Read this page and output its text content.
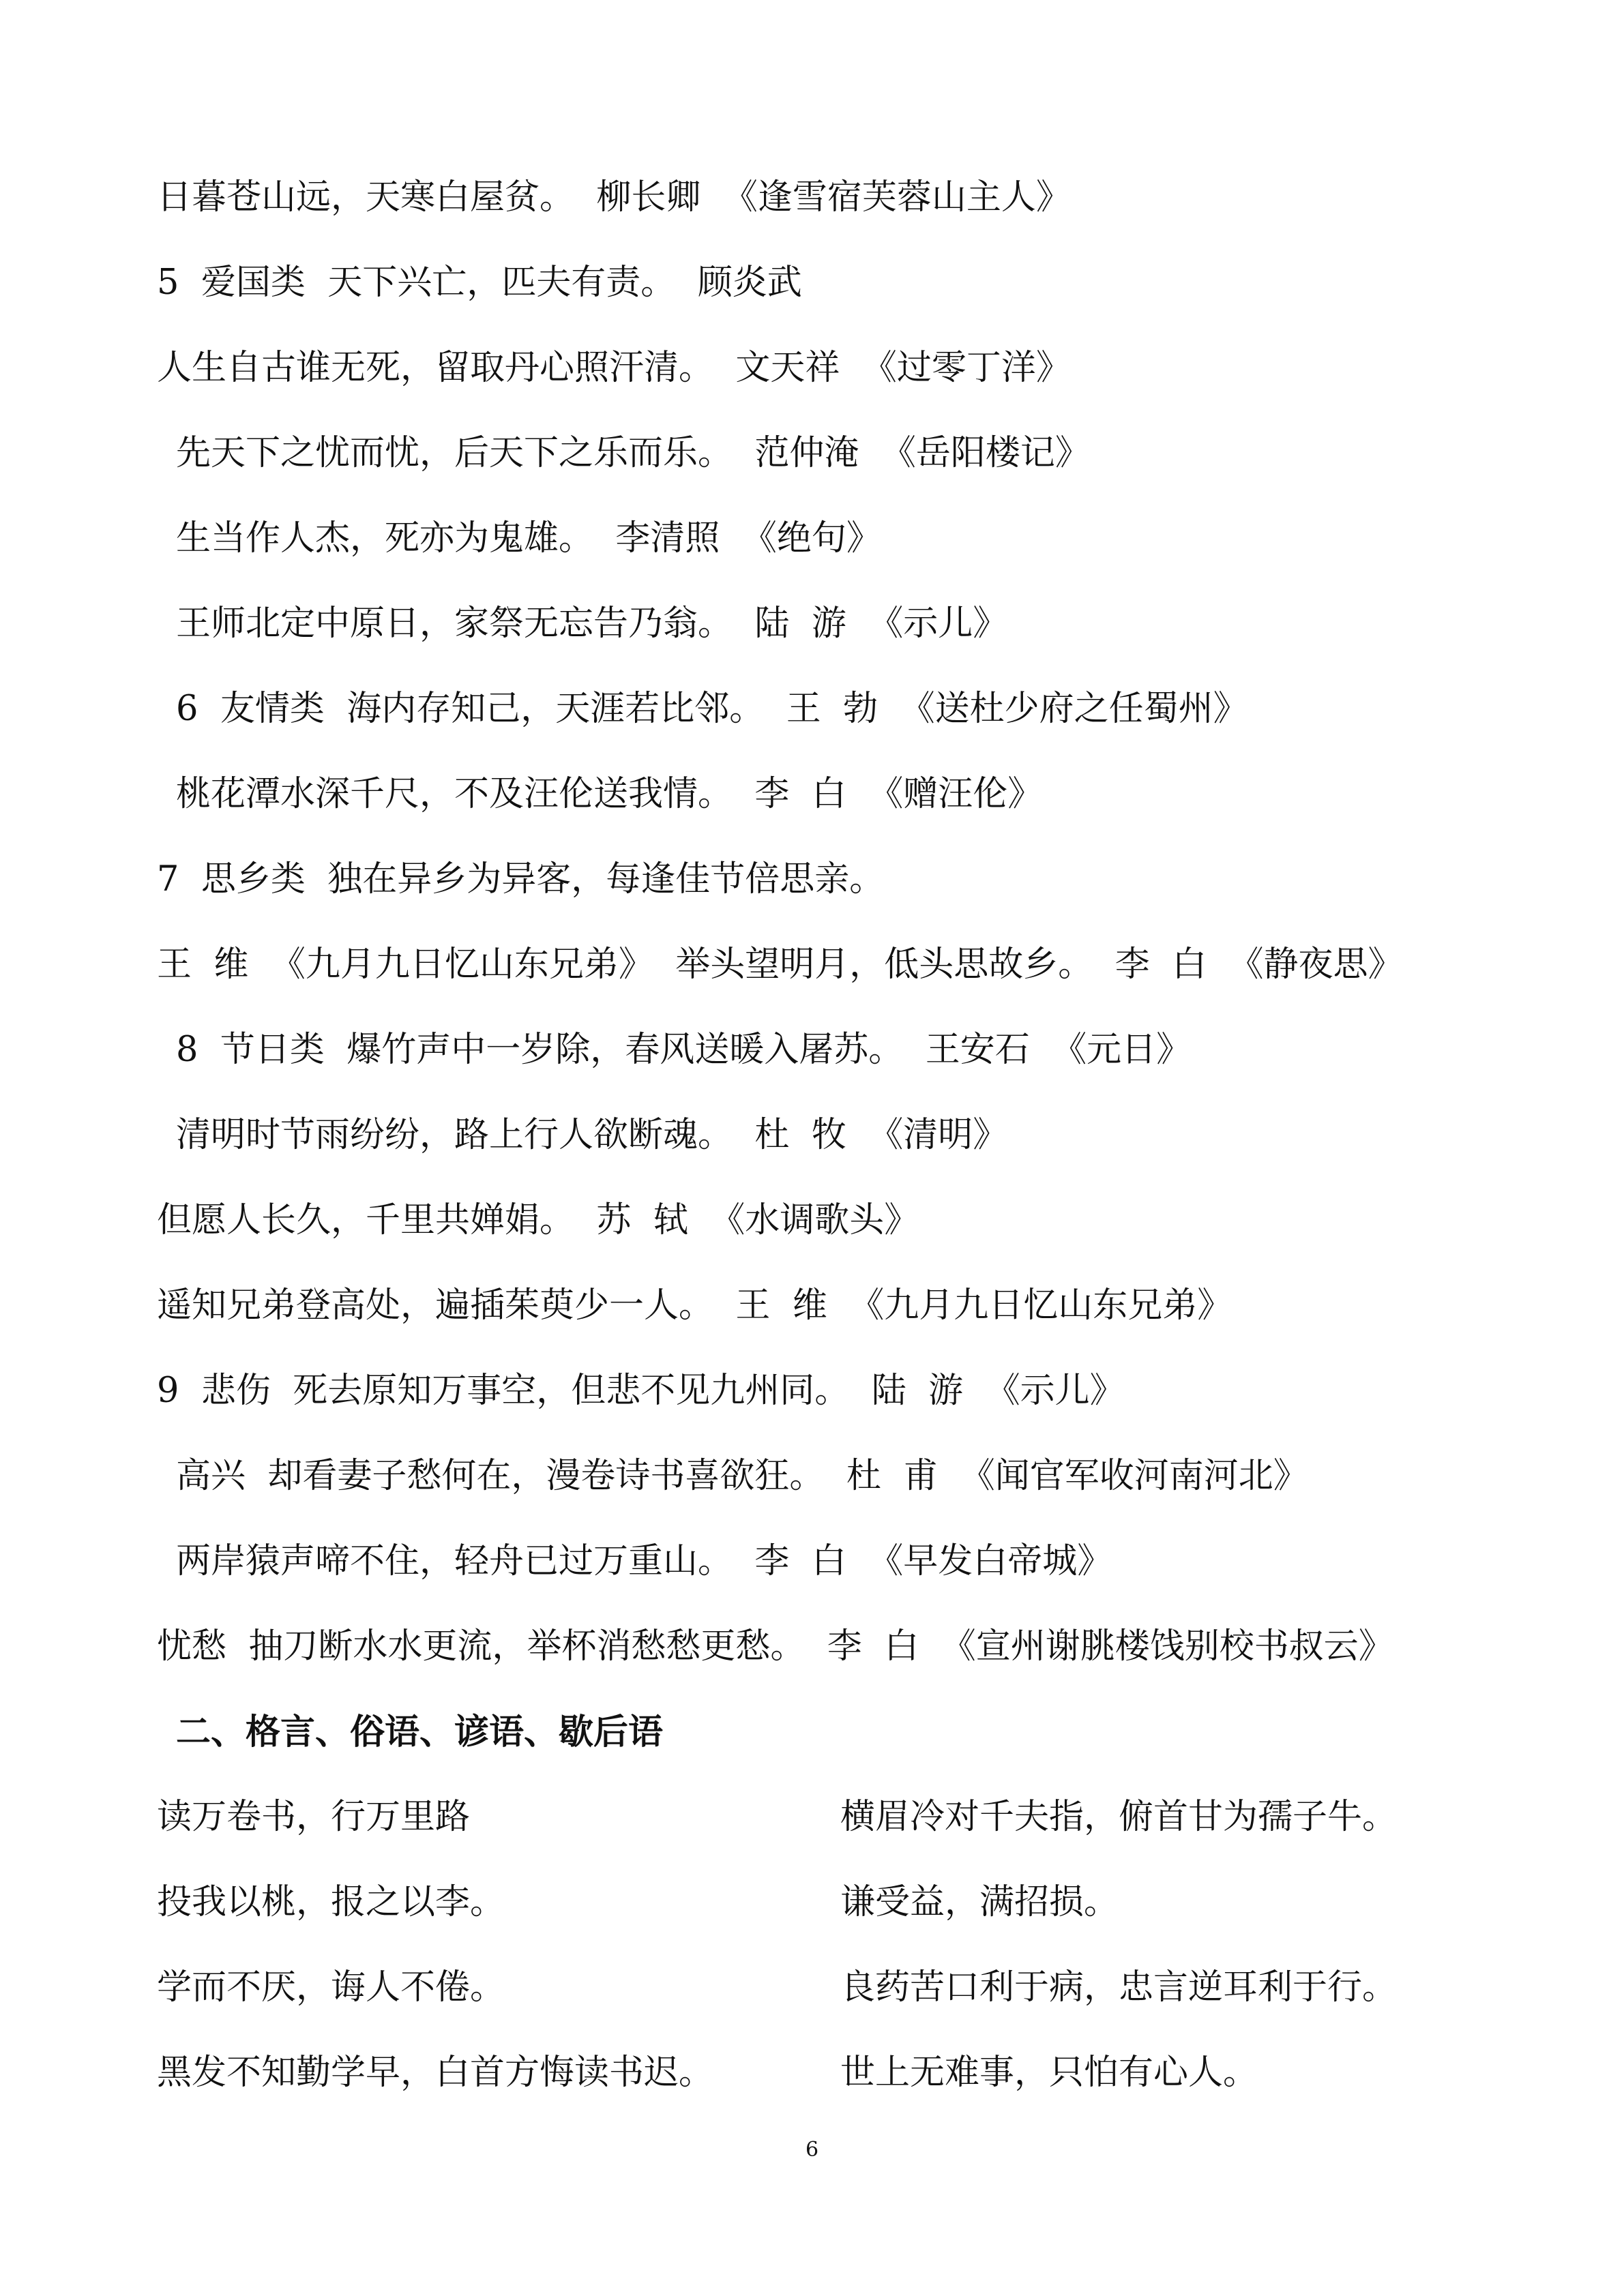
日暮苍山远，天寒白屋贫。  柳长卿  《逢雪宿芙蓉山主人》
5  爱国类  天下兴亡，匹夫有责。  顾炎武
人生自古谁无死，留取丹心照汗清。  文天祥  《过零丁洋》
先天下之忧而忧，后天下之乐而乐。  范仲淹  《岳阳楼记》
生当作人杰，死亦为鬼雄。  李清照  《绝句》
王师北定中原日，家祭无忘告乃翁。  陆  游  《示儿》
6  友情类  海内存知己，天涯若比邻。  王  勃  《送杜少府之任蜀州》
桃花潭水深千尺，不及汪伦送我情。  李  白  《赠汪伦》
7  思乡类  独在异乡为异客，每逢佳节倍思亲。
王  维  《九月九日忆山东兄弟》  举头望明月，低头思故乡。  李  白  《静夜思》
8  节日类  爆竹声中一岁除，春风送暖入屠苏。  王安石  《元日》
清明时节雨纷纷，路上行人欲断魂。  杜  牧  《清明》
但愿人长久，千里共婵娟。  苏  轼  《水调歌头》
遥知兄弟登高处，遍插茱萸少一人。  王  维  《九月九日忆山东兄弟》
9  悲伤  死去原知万事空，但悲不见九州同。  陆  游  《示儿》
高兴  却看妻子愁何在，漫卷诗书喜欲狂。  杜  甫  《闻官军收河南河北》
两岸猿声啼不住，轻舟已过万重山。  李  白  《早发白帝城》
忧愁  抽刀断水水更流，举杯消愁愁更愁。  李  白  《宣州谢朓楼饯别校书叔云》
二、格言、俗语、谚语、歇后语
读万卷书，行万里路	横眉冷对千夫指，俯首甘为孺子牛。
投我以桃，报之以李。	谦受益，满招损。
学而不厌，诲人不倦。	良药苦口利于病，忠言逆耳利于行。
黑发不知勤学早，白首方悔读书迟。	世上无难事，只怕有心人。
6
